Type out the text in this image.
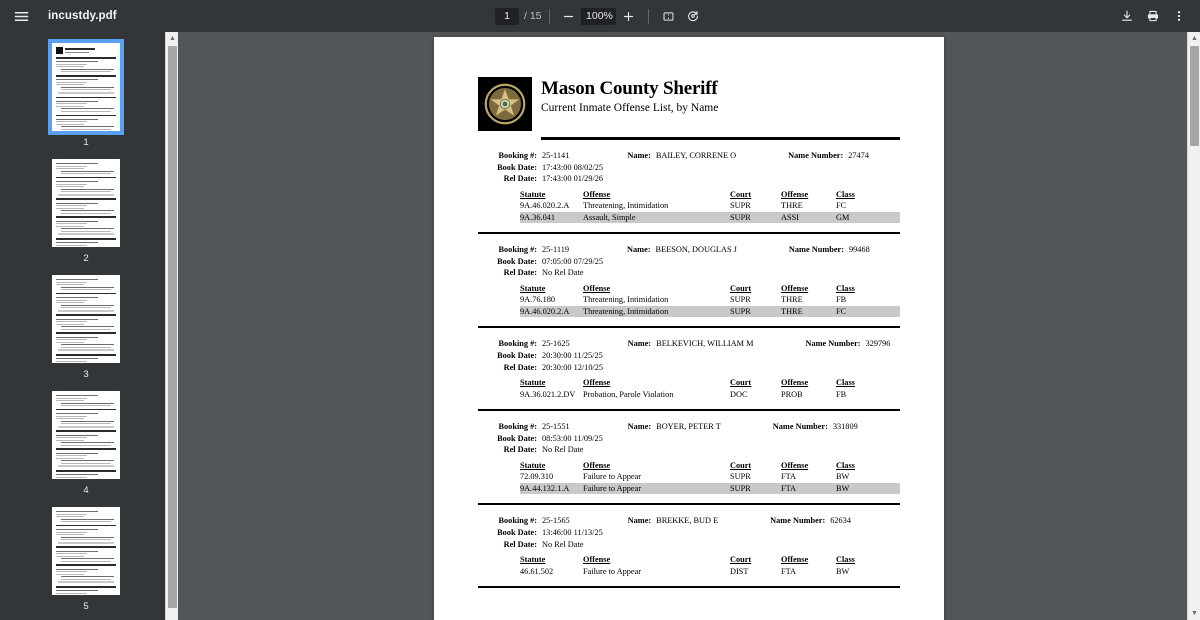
incustdy.pdf
1	/ 15	100%
1
2
3
4
5
▲
Mason County Sheriff
Current Inmate Offense List, by Name
Booking #: 25-1141	Name: BAILEY, CORRENE O	Name Number: 27474
Book Date: 17:43:00 08/02/25
Rel Date: 17:43:00 01/29/26
Statute	Offense	Court	Offense	Class
9A.46.020.2.A	Threatening, Intimidation	SUPR	THRE	FC
9A.36.041	Assault, Simple	SUPR	ASSI	GM
Booking #: 25-1119	Name: BEESON, DOUGLAS J	Name Number: 99468
Book Date: 07:05:00 07/29/25
Rel Date: No Rel Date
Statute	Offense	Court	Offense	Class
9A.76.180	Threatening, Intimidation	SUPR	THRE	FB
9A.46.020.2.A	Threatening, Intimidation	SUPR	THRE	FC
Booking #: 25-1625	Name: BELKEVICH, WILLIAM M	Name Number: 329796
Book Date: 20:30:00 11/25/25
Rel Date: 20:30:00 12/10/25
Statute	Offense	Court	Offense	Class
9A.36.021.2.DV Probation, Parole Violation	DOC	PROB	FB
Booking #: 25-1551	Name: BOYER, PETER T	Name Number: 331809
Book Date: 08:53:00 11/09/25
Rel Date: No Rel Date
Statute	Offense	Court	Offense	Class
72.09.310	Failure to Appear	SUPR	FTA	BW
9A.44.132.1.A	Failure to Appear	SUPR	FTA	BW
Booking #: 25-1565	Name: BREKKE, BUD E	Name Number: 62634
Book Date: 13:46:00 11/13/25
Rel Date: No Rel Date
Statute	Offense	Court	Offense	Class
46.61.502	Failure to Appear	DIST	FTA	BW
▲
▼
